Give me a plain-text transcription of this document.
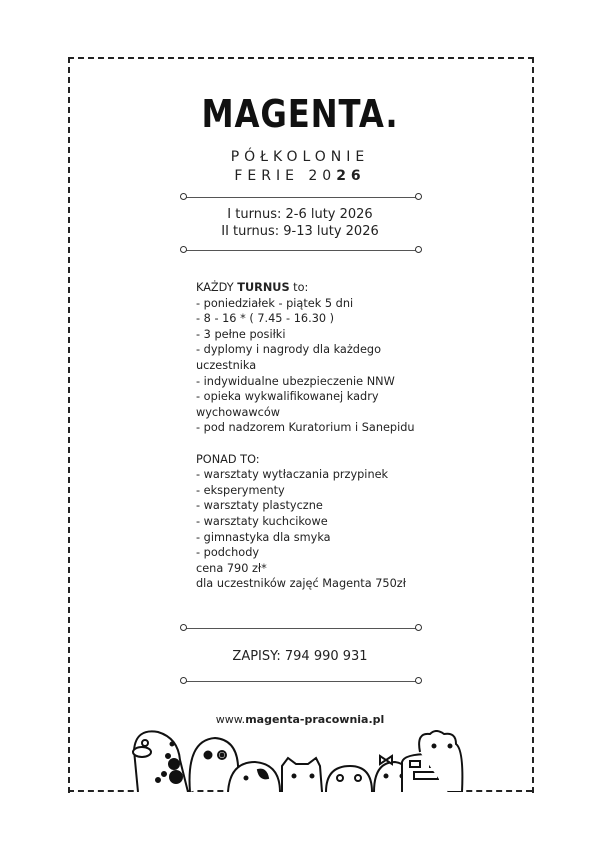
MAGENTA.
PÓŁKOLONIE
FERIE 2026
I turnus: 2-6 luty 2026
II turnus: 9-13 luty 2026
KAŻDY TURNUS to:
- poniedziałek - piątek 5 dni
- 8 - 16 * ( 7.45 - 16.30 )
- 3 pełne posiłki
- dyplomy i nagrody dla każdego
uczestnika
- indywidualne ubezpieczenie NNW
- opieka wykwalifikowanej kadry
wychowawców
- pod nadzorem Kuratorium i Sanepidu
PONAD TO:
- warsztaty wytłaczania przypinek
- eksperymenty
- warsztaty plastyczne
- warsztaty kuchcikowe
- gimnastyka dla smyka
- podchody
cena 790 zł*
dla uczestników zajęć Magenta 750zł
ZAPISY: 794 990 931
www.magenta-pracownia.pl
